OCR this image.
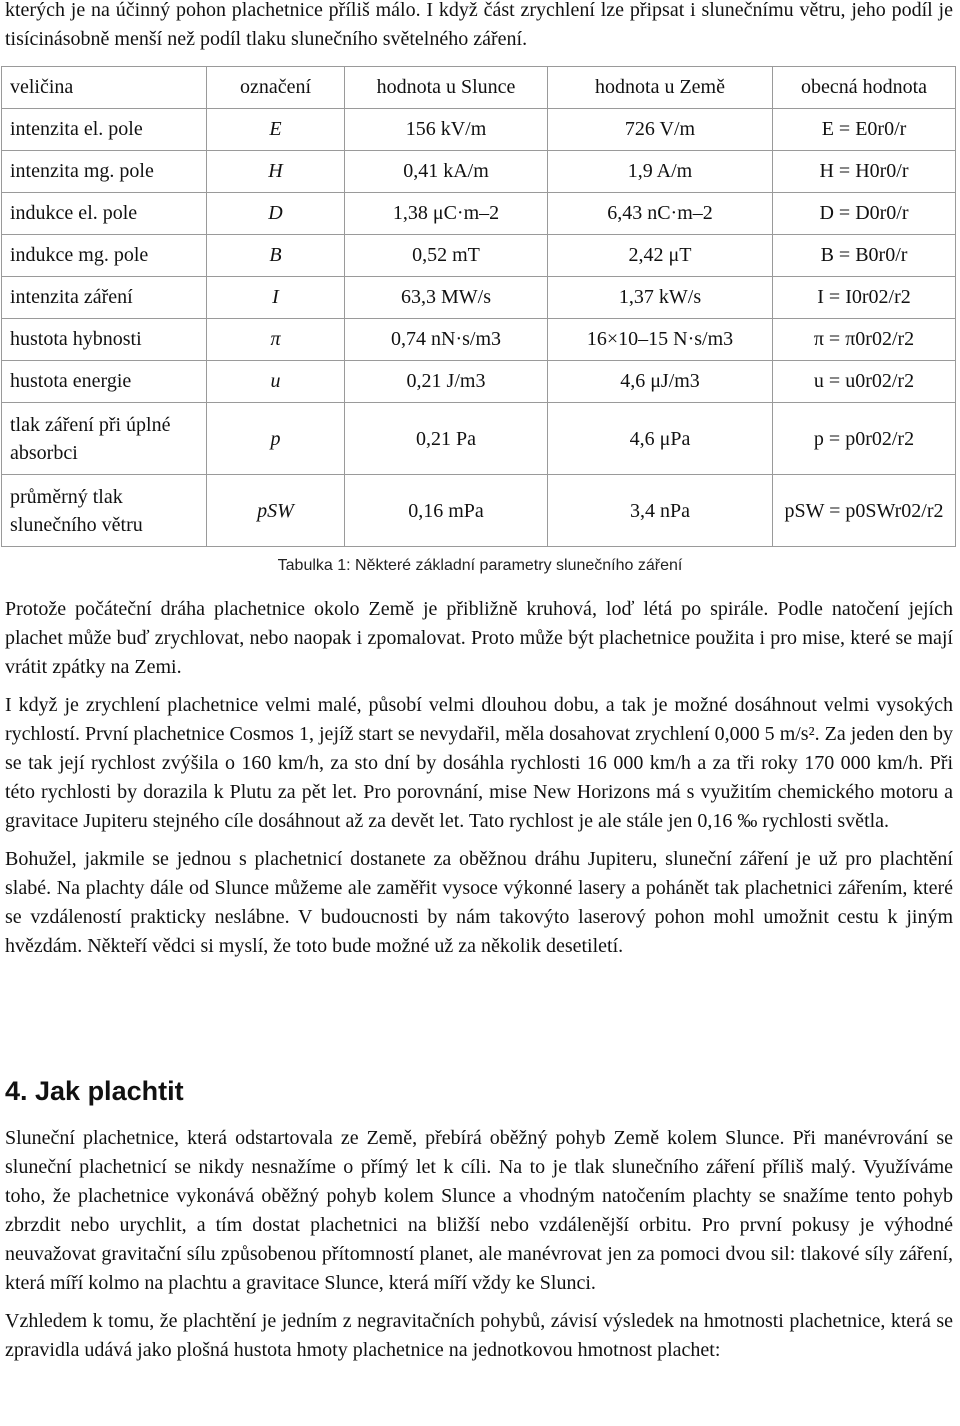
kterých je na účinný pohon plachetnice příliš málo. I když část zrychlení lze připsat i slunečnímu větru, jeho podíl je tisícinásobně menší než podíl tlaku slunečního světelného záření.

veličina	označení	hodnota u Slunce	hodnota u Země	obecná hodnota
intenzita el. pole	E	156 kV/m	726 V/m	E = E0r0/r
intenzita mg. pole	H	0,41 kA/m	1,9 A/m	H = H0r0/r
indukce el. pole	D	1,38 μC·m–2	6,43 nC·m–2	D = D0r0/r
indukce mg. pole	B	0,52 mT	2,42 μT	B = B0r0/r
intenzita záření	I	63,3 MW/s	1,37 kW/s	I = I0r02/r2
hustota hybnosti	π	0,74 nN·s/m3	16×10–15 N·s/m3	π = π0r02/r2
hustota energie	u	0,21 J/m3	4,6 μJ/m3	u = u0r02/r2
tlak záření při úplné absorbci	p	0,21 Pa	4,6 μPa	p = p0r02/r2
průměrný tlak slunečního větru	pSW	0,16 mPa	3,4 nPa	pSW = p0SWr02/r2
Tabulka 1: Některé základní parametry slunečního záření

Protože počáteční dráha plachetnice okolo Země je přibližně kruhová, loď létá po spirále. Podle natočení jejích plachet může buď zrychlovat, nebo naopak i zpomalovat. Proto může být plachetnice použita i pro mise, které se mají vrátit zpátky na Zemi.

I když je zrychlení plachetnice velmi malé, působí velmi dlouhou dobu, a tak je možné dosáhnout velmi vysokých rychlostí. První plachetnice Cosmos 1, jejíž start se nevydařil, měla dosahovat zrychlení 0,000 5 m/s². Za jeden den by se tak její rychlost zvýšila o 160 km/h, za sto dní by dosáhla rychlosti 16 000 km/h a za tři roky 170 000 km/h. Při této rychlosti by dorazila k Plutu za pět let. Pro porovnání, mise New Horizons má s využitím chemického motoru a gravitace Jupiteru stejného cíle dosáhnout až za devět let. Tato rychlost je ale stále jen 0,16 ‰ rychlosti světla.

Bohužel, jakmile se jednou s plachetnicí dostanete za oběžnou dráhu Jupiteru, sluneční záření je už pro plachtění slabé. Na plachty dále od Slunce můžeme ale zaměřit vysoce výkonné lasery a pohánět tak plachetnici zářením, které se vzdáleností prakticky neslábne. V budoucnosti by nám takovýto laserový pohon mohl umožnit cestu k jiným hvězdám. Někteří vědci si myslí, že toto bude možné už za několik desetiletí.

4. Jak plachtit

Sluneční plachetnice, která odstartovala ze Země, přebírá oběžný pohyb Země kolem Slunce. Při manévrování se sluneční plachetnicí se nikdy nesnažíme o přímý let k cíli. Na to je tlak slunečního záření příliš malý. Využíváme toho, že plachetnice vykonává oběžný pohyb kolem Slunce a vhodným natočením plachty se snažíme tento pohyb zbrzdit nebo urychlit, a tím dostat plachetnici na bližší nebo vzdálenější orbitu. Pro první pokusy je výhodné neuvažovat gravitační sílu způsobenou přítomností planet, ale manévrovat jen za pomoci dvou sil: tlakové síly záření, která míří kolmo na plachtu a gravitace Slunce, která míří vždy ke Slunci.

Vzhledem k tomu, že plachtění je jedním z negravitačních pohybů, závisí výsledek na hmotnosti plachetnice, která se zpravidla udává jako plošná hustota hmoty plachetnice na jednotkovou hmotnost plachet:
